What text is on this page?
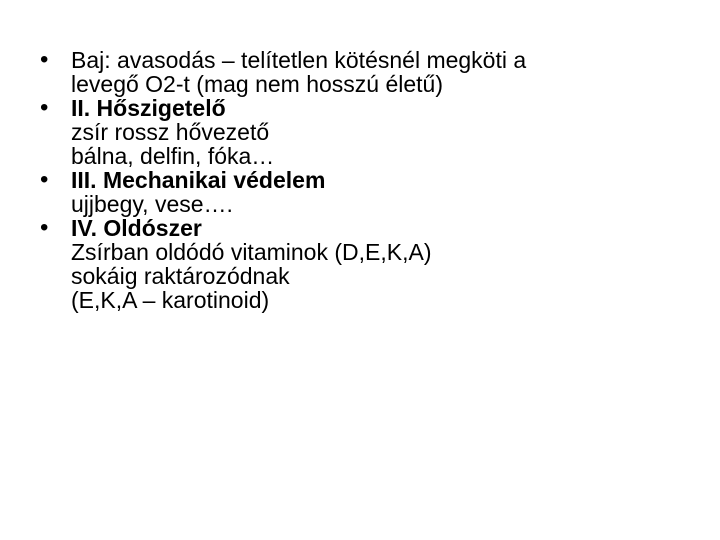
• Baj: avasodás – telítetlen kötésnél megköti a
levegő O2-t (mag nem hosszú életű)
• II. Hőszigetelő
zsír rossz hővezető
bálna, delfin, fóka…
• III. Mechanikai védelem
ujjbegy, vese….
• IV. Oldószer
Zsírban oldódó vitaminok (D,E,K,A)
sokáig raktározódnak
(E,K,A – karotinoid)
